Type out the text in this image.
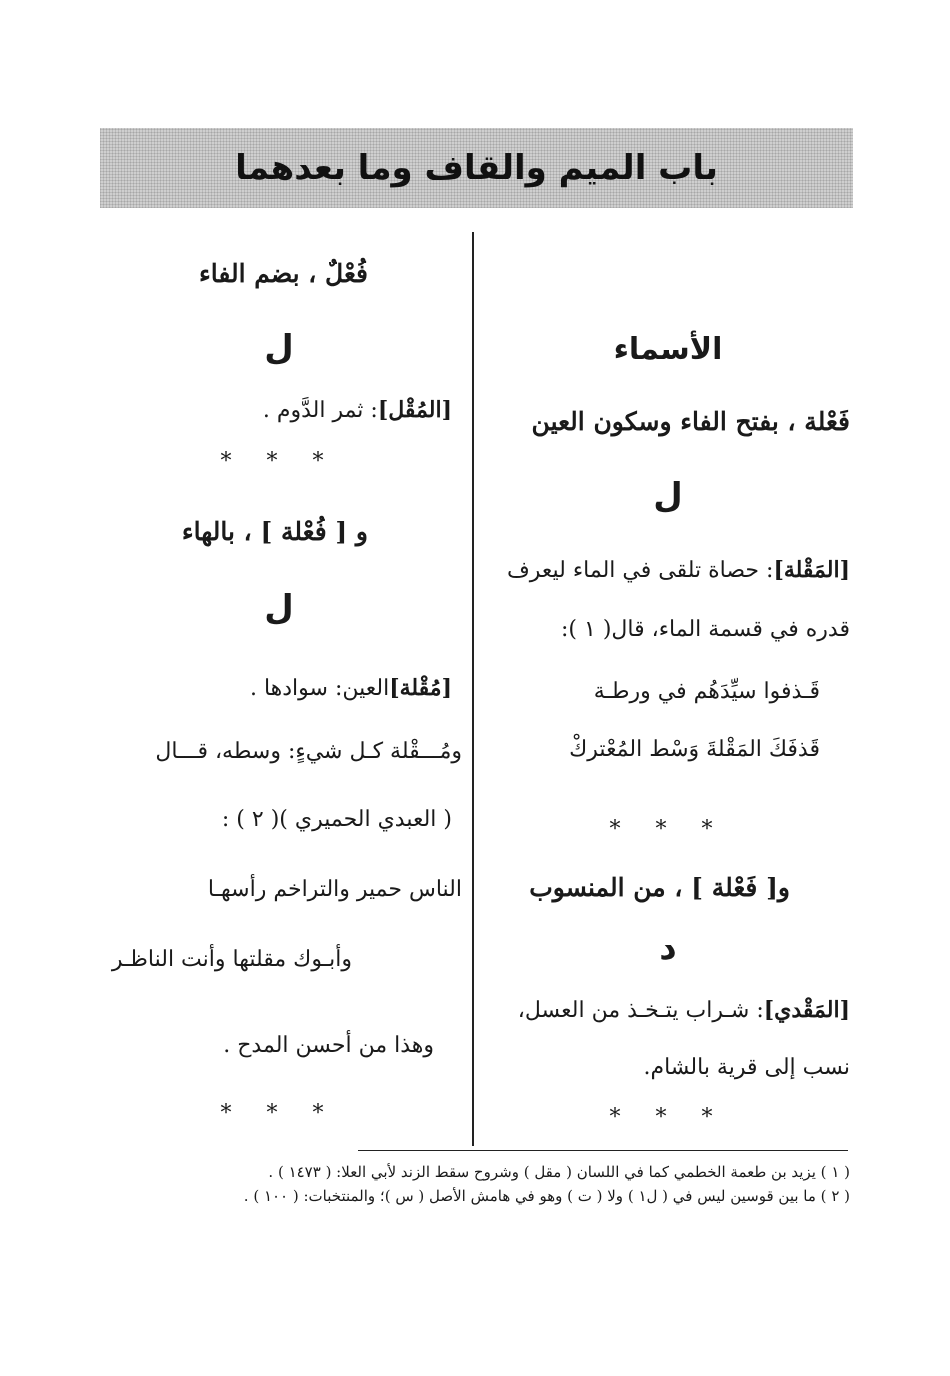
باب الميم والقاف وما بعدهما
الأسماء
فَعْلة ، بفتح الفاء وسكون العين
ل
[المَقْلة]: حصاة تلقى في الماء ليعرف
قدره في قسمة الماء، قال( ١ ):
قَـذفوا سيِّدَهُم في ورطـة
قَذفَكَ المَقْلةَ وَسْط المُعْتركْ
* * *
و[ فَعْلة ] ، من المنسوب
د
[المَقْدي]: شـراب يتـخـذ من العسل،
نسب إلى قرية بالشام.
* * *
فُعْلٌ ، بضم الفاء
ل
[المُقْل]: ثمر الدَّوم .
* * *
و [ فُعْلة ] ، بالهاء
ل
[مُقْلة]العين: سوادها .
ومُـــقْلة كـل شيءٍ: وسطه، قـــال
( العبدي الحميري )( ٢ ) :
الناس حمير والتراخم رأسهـا
وأبـوك مقلتها وأنت الناظـر
وهذا من أحسن المدح .
* * *
( ١ ) يزيد بن طعمة الخطمي كما في اللسان ( مقل ) وشروح سقط الزند لأبي العلا: ( ١٤٧٣ ) .
( ٢ ) ما بين قوسين ليس في ( ل١ ) ولا ( ت ) وهو في هامش الأصل ( س )؛ والمنتخبات: ( ١٠٠ ) .
